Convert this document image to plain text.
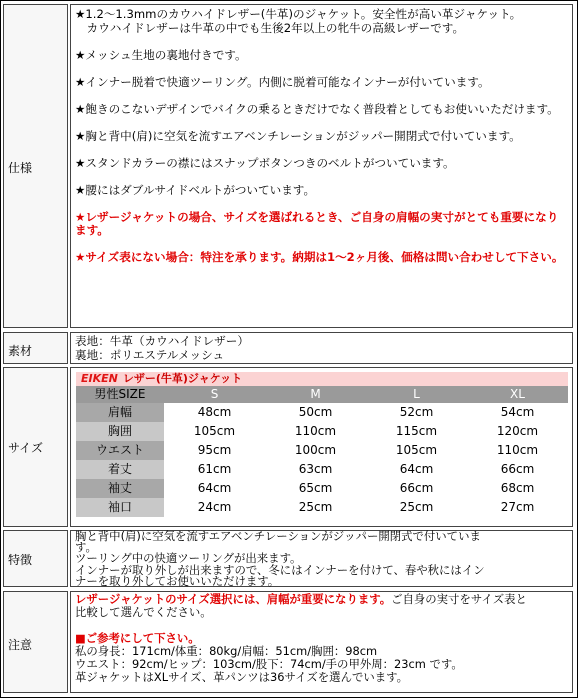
仕様

★1.2～1.3mmのカウハイドレザー(牛革)のジャケット。安全性が高い革ジャケット。

　カウハイドレザーは牛革の中でも生後2年以上の牝牛の高級レザーです。

★メッシュ生地の裏地付きです。

★インナー脱着で快適ツーリング。内側に脱着可能なインナーが付いています。

★飽きのこないデザインでバイクの乗るときだけでなく普段着としてもお使いいただけます。

★胸と背中(肩)に空気を流すエアベンチレーションがジッパー開閉式で付いています。

★スタンドカラーの襟にはスナップボタンつきのベルトがついています。

★腰にはダブルサイドベルトがついています。

★レザージャケットの場合、サイズを選ばれるとき、ご自身の肩幅の実寸がとても重要になります。

★サイズ表にない場合：特注を承ります。納期は1～2ヶ月後、価格は問い合わせして下さい。

素材

表地：牛革（カウハイドレザー）

裏地：ポリエステルメッシュ

サイズ
EIKEN レザー(牛革)ジャケット
男性SIZE	S	M	L	XL
肩幅	48cm	50cm	52cm	54cm
胸囲	105cm	110cm	115cm	120cm
ウエスト	95cm	100cm	105cm	110cm
着丈	61cm	63cm	64cm	66cm
袖丈	64cm	65cm	66cm	68cm
袖口	24cm	25cm	25cm	27cm
特徴

胸と背中(肩)に空気を流すエアベンチレーションがジッパー開閉式で付いていま

す。

ツーリング中の快適ツーリングが出来ます。

インナーが取り外しが出来ますので、冬にはインナーを付けて、春や秋にはイン

ナーを取り外してお使いいただけます。

注意

レザージャケットのサイズ選択には、肩幅が重要になります。ご自身の実寸をサイズ表と

比較して選んでください。

■ご参考にして下さい。

私の身長：171cm/体重：80kg/肩幅：51cm/胸囲：98cm

ウエスト：92cm/ヒップ：103cm/股下：74cm/手の甲外周：23cm です。

革ジャケットはXLサイズ、革パンツは36サイズを選んでいます。
